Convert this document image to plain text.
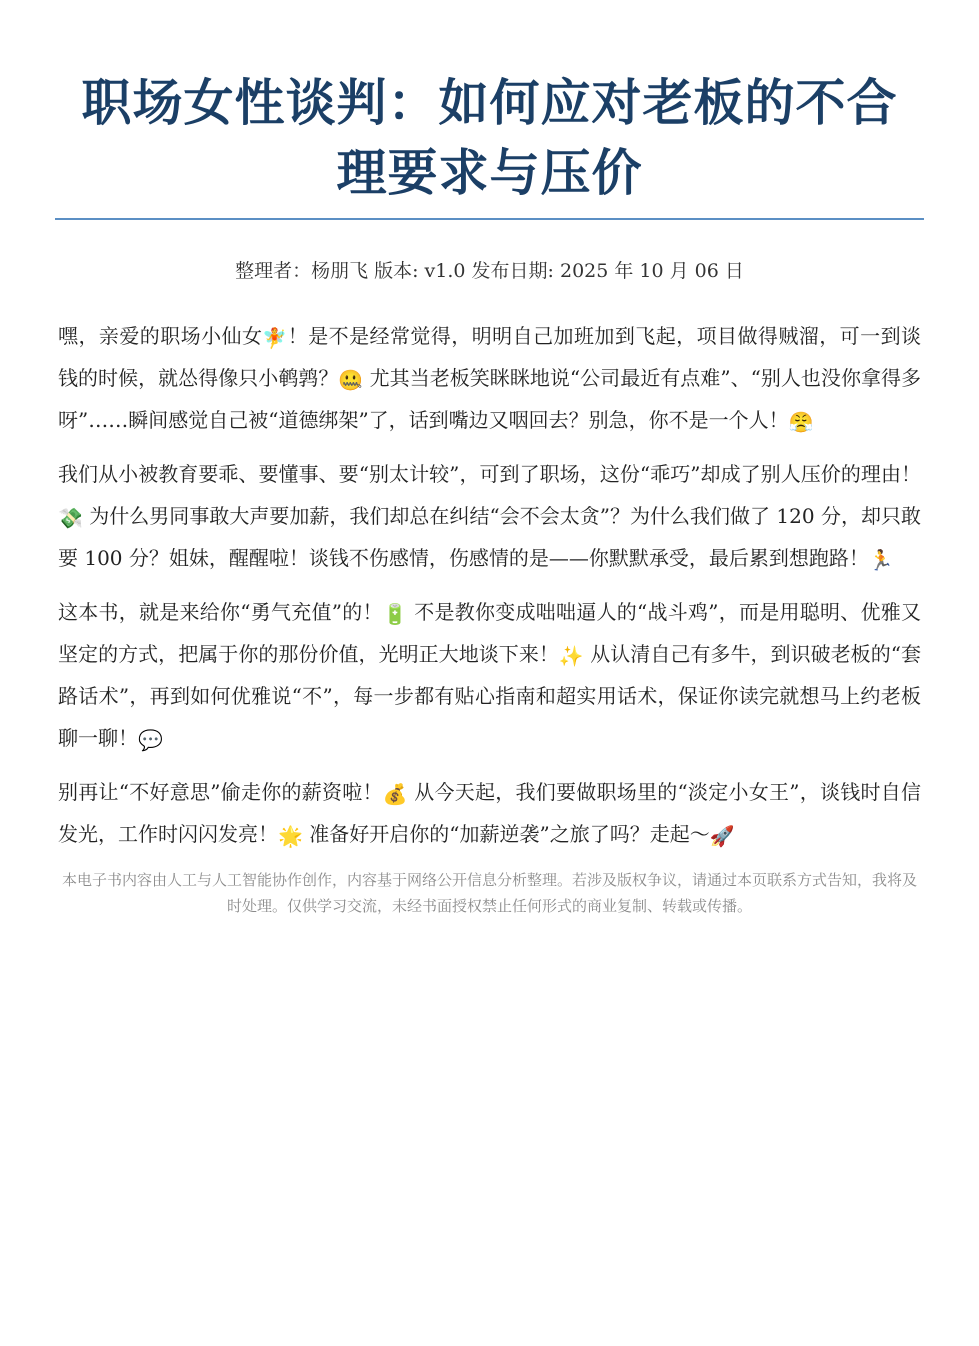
职场女性谈判：如何应对老板的不合理要求与压价
整理者：杨朋飞 版本: v1.0 发布日期: 2025 年 10 月 06 日

嘿，亲爱的职场小仙女🧚！是不是经常觉得，明明自己加班加到飞起，项目做得贼溜，可一到谈钱的时候，就怂得像只小鹌鹑？🤐 尤其当老板笑眯眯地说“公司最近有点难”、“别人也没你拿得多呀”……瞬间感觉自己被“道德绑架”了，话到嘴边又咽回去？别急，你不是一个人！😤

我们从小被教育要乖、要懂事、要“别太计较”，可到了职场，这份“乖巧”却成了别人压价的理由！💸 为什么男同事敢大声要加薪，我们却总在纠结“会不会太贪”？为什么我们做了 120 分，却只敢要 100 分？姐妹，醒醒啦！谈钱不伤感情，伤感情的是——你默默承受，最后累到想跑路！🏃

这本书，就是来给你“勇气充值”的！🔋 不是教你变成咄咄逼人的“战斗鸡”，而是用聪明、优雅又坚定的方式，把属于你的那份价值，光明正大地谈下来！✨ 从认清自己有多牛，到识破老板的“套路话术”，再到如何优雅说“不”，每一步都有贴心指南和超实用话术，保证你读完就想马上约老板聊一聊！💬

别再让“不好意思”偷走你的薪资啦！💰 从今天起，我们要做职场里的“淡定小女王”，谈钱时自信发光，工作时闪闪发亮！🌟 准备好开启你的“加薪逆袭”之旅了吗？走起～🚀

本电子书内容由人工与人工智能协作创作，内容基于网络公开信息分析整理。若涉及版权争议，请通过本页联系方式告知，我将及时处理。仅供学习交流，未经书面授权禁止任何形式的商业复制、转载或传播。
